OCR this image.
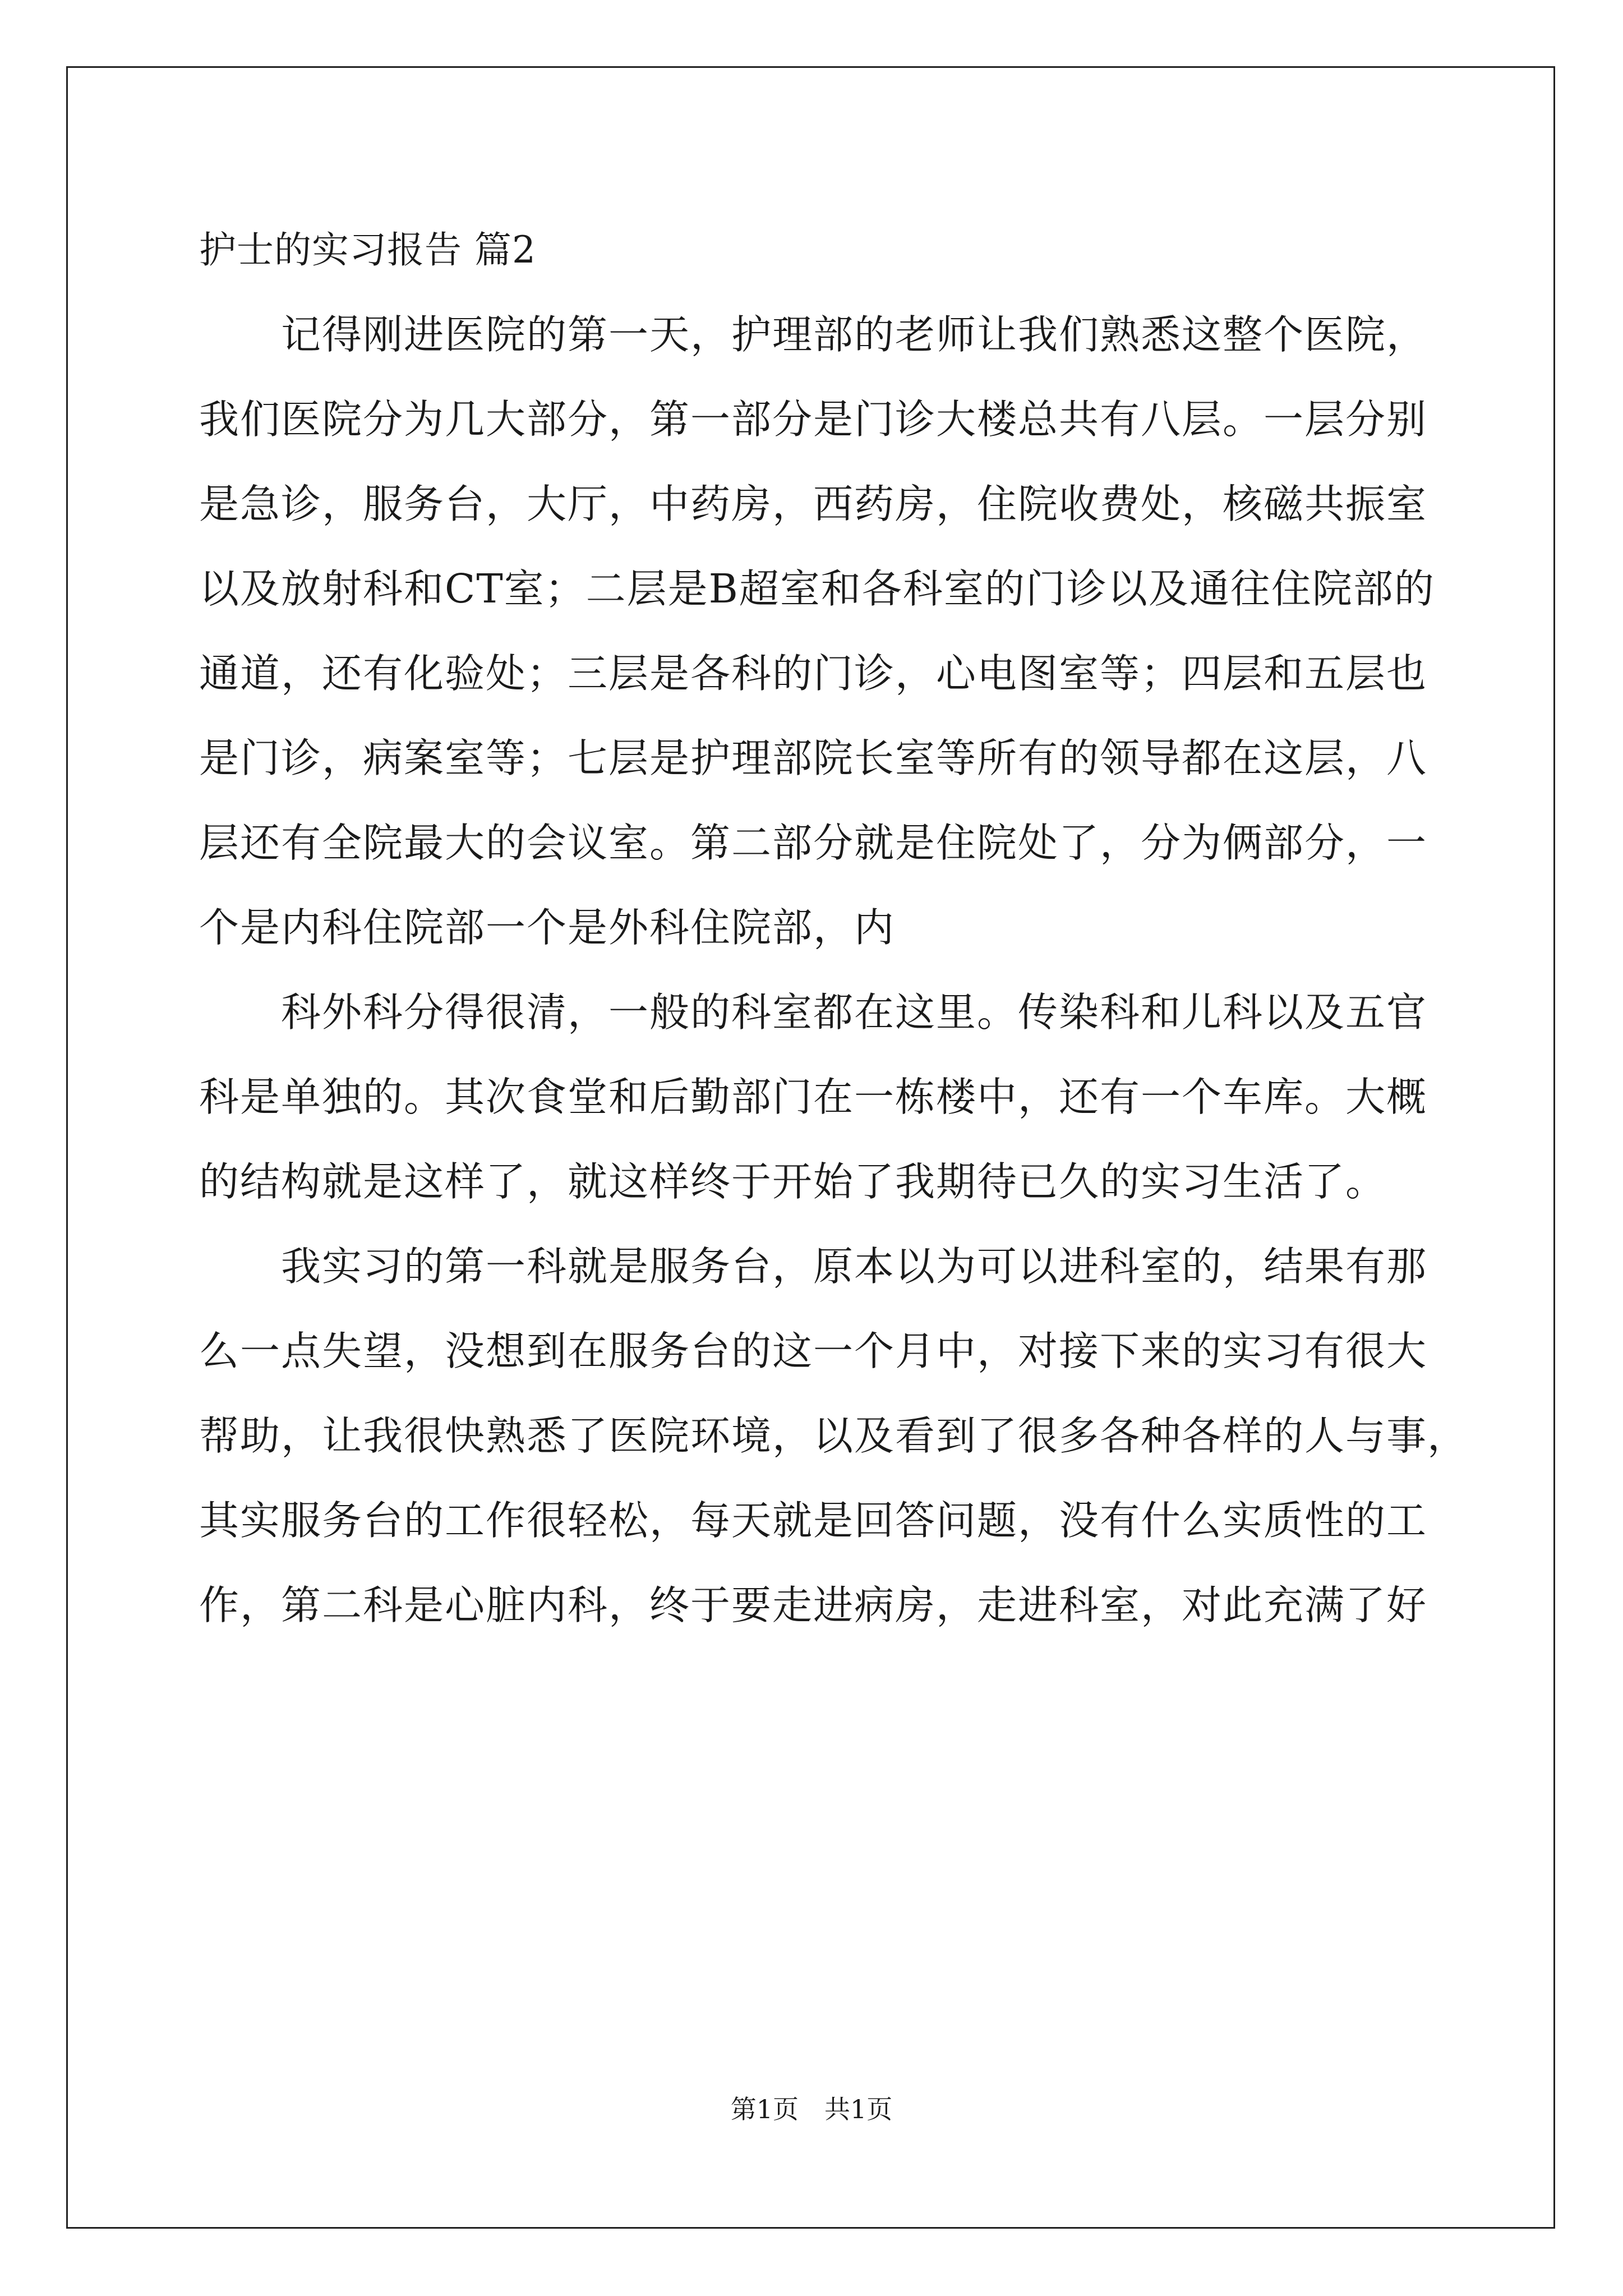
护士的实习报告 篇2
记得刚进医院的第一天，护理部的老师让我们熟悉这整个医院，
我们医院分为几大部分，第一部分是门诊大楼总共有八层。一层分别
是急诊，服务台，大厅，中药房，西药房，住院收费处，核磁共振室
以及放射科和CT室；二层是B超室和各科室的门诊以及通往住院部的
通道，还有化验处；三层是各科的门诊，心电图室等；四层和五层也
是门诊，病案室等；七层是护理部院长室等所有的领导都在这层，八
层还有全院最大的会议室。第二部分就是住院处了，分为俩部分，一
个是内科住院部一个是外科住院部，内
科外科分得很清，一般的科室都在这里。传染科和儿科以及五官
科是单独的。其次食堂和后勤部门在一栋楼中，还有一个车库。大概
的结构就是这样了，就这样终于开始了我期待已久的实习生活了。
我实习的第一科就是服务台，原本以为可以进科室的，结果有那
么一点失望，没想到在服务台的这一个月中，对接下来的实习有很大
帮助，让我很快熟悉了医院环境，以及看到了很多各种各样的人与事，
其实服务台的工作很轻松，每天就是回答问题，没有什么实质性的工
作，第二科是心脏内科，终于要走进病房，走进科室，对此充满了好
第1页　共1页
